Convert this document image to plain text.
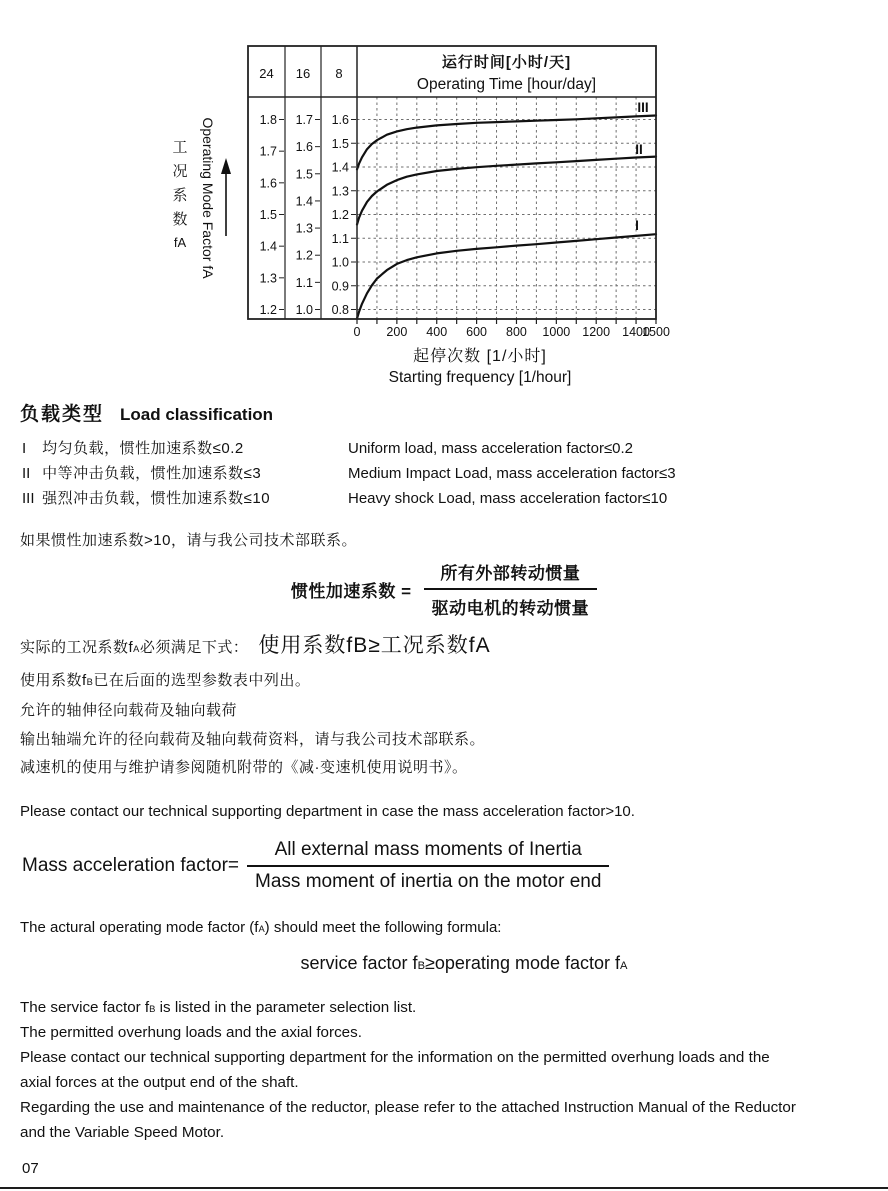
I
II
III
24 16 8
运行时间[小时/天]
Operating Time [hour/day]
1.8
1.7
1.6
1.5
1.4
1.3
1.2
1.7
1.6
1.5
1.4
1.3
1.2
1.1
1.0
1.6
1.5
1.4
1.3
1.2
1.1
1.0
0.9
0.8
0 200 400 600 800 1000 1200 1400
1500
起停次数 [1/小时]
Starting frequency [1/hour]
工
况
系
数
fA Operating Mode Factor fA
负载类型 Load classification
I 均匀负载，惯性加速系数≤0.2	Uniform load, mass acceleration factor≤0.2
II 中等冲击负载，惯性加速系数≤3	Medium Impact Load, mass acceleration factor≤3
III 强烈冲击负载，惯性加速系数≤10	Heavy shock Load, mass acceleration factor≤10
如果惯性加速系数>10，请与我公司技术部联系。
惯性加速系数 = $\frac{\text{所有外部转动惯量}}{\text{驱动电机的转动惯量}}$
实际的工况系数f A 必须满足下式： 使用系数fB≥工况系数fA
使用系数fB已在后面的选型参数表中列出。
允许的轴伸径向载荷及轴向载荷
输出轴端允许的径向载荷及轴向载荷资料，请与我公司技术部联系。
减速机的使用与维护请参阅随机附带的《减·变速机使用说明书》。
Please contact our technical supporting department in case the mass acceleration factor>10.
Mass acceleration factor= $\frac{\text{All external mass moments of Inertia}}{\text{Mass moment of inertia on the motor end}}$
The actural operating mode factor (fA) should meet the following formula:
service factor fB≥operating mode factor fA
The service factor fB is listed in the parameter selection list.
The permitted overhung loads and the axial forces.
Please contact our technical supporting department for the information on the permitted overhung loads and the
axial forces at the output end of the shaft.
Regarding the use and maintenance of the reductor, please refer to the attached Instruction Manual of the Reductor
and the Variable Speed Motor.
07
